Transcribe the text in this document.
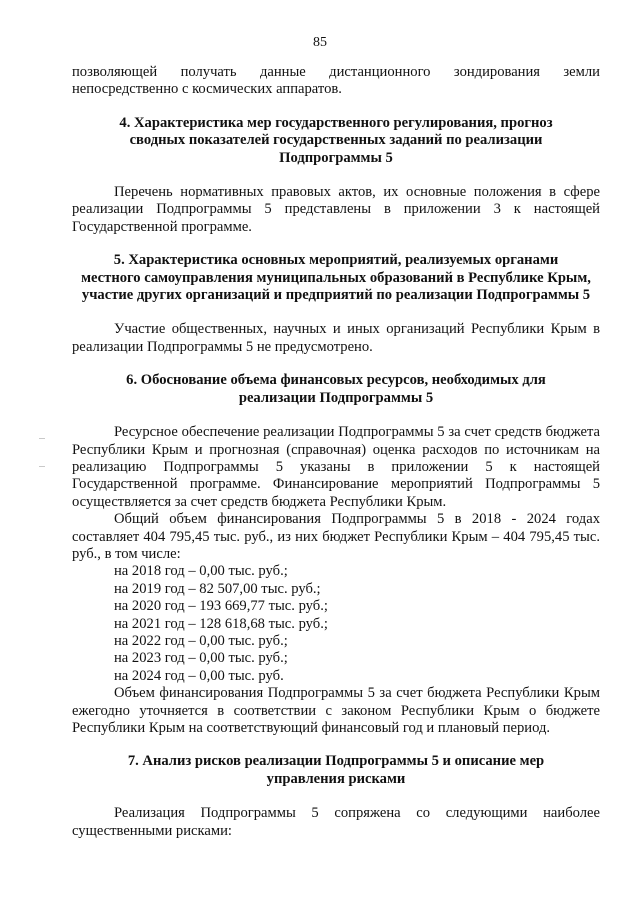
85

позволяющей получать данные дистанционного зондирования земли

непосредственно с космических аппаратов.

4. Характеристика мер государственного регулирования, прогноз

сводных показателей государственных заданий по реализации

Подпрограммы 5

Перечень нормативных правовых актов, их основные положения в сфере реализации Подпрограммы 5 представлены в приложении 3 к настоящей Государственной программе.

5. Характеристика основных мероприятий, реализуемых органами

местного самоуправления муниципальных образований в Республике Крым,

участие других организаций и предприятий по реализации Подпрограммы 5

Участие общественных, научных и иных организаций Республики Крым в реализации Подпрограммы 5 не предусмотрено.

6. Обоснование объема финансовых ресурсов, необходимых для

реализации Подпрограммы 5

Ресурсное обеспечение реализации Подпрограммы 5 за счет средств бюджета Республики Крым и прогнозная (справочная) оценка расходов по источникам на реализацию Подпрограммы 5 указаны в приложении 5 к настоящей Государственной программе. Финансирование мероприятий Подпрограммы 5 осуществляется за счет средств бюджета Республики Крым.

Общий объем финансирования Подпрограммы 5 в 2018 - 2024 годах составляет 404 795,45 тыс. руб., из них бюджет Республики Крым – 404 795,45 тыс. руб., в том числе:

на 2018 год – 0,00 тыс. руб.;

на 2019 год – 82 507,00 тыс. руб.;

на 2020 год – 193 669,77 тыс. руб.;

на 2021 год – 128 618,68 тыс. руб.;

на 2022 год – 0,00 тыс. руб.;

на 2023 год – 0,00 тыс. руб.;

на 2024 год – 0,00 тыс. руб.

Объем финансирования Подпрограммы 5 за счет бюджета Республики Крым ежегодно уточняется в соответствии с законом Республики Крым о бюджете Республики Крым на соответствующий финансовый год и плановый период.

7. Анализ рисков реализации Подпрограммы 5 и описание мер

управления рисками

Реализация Подпрограммы 5 сопряжена со следующими наиболее существенными рисками:
